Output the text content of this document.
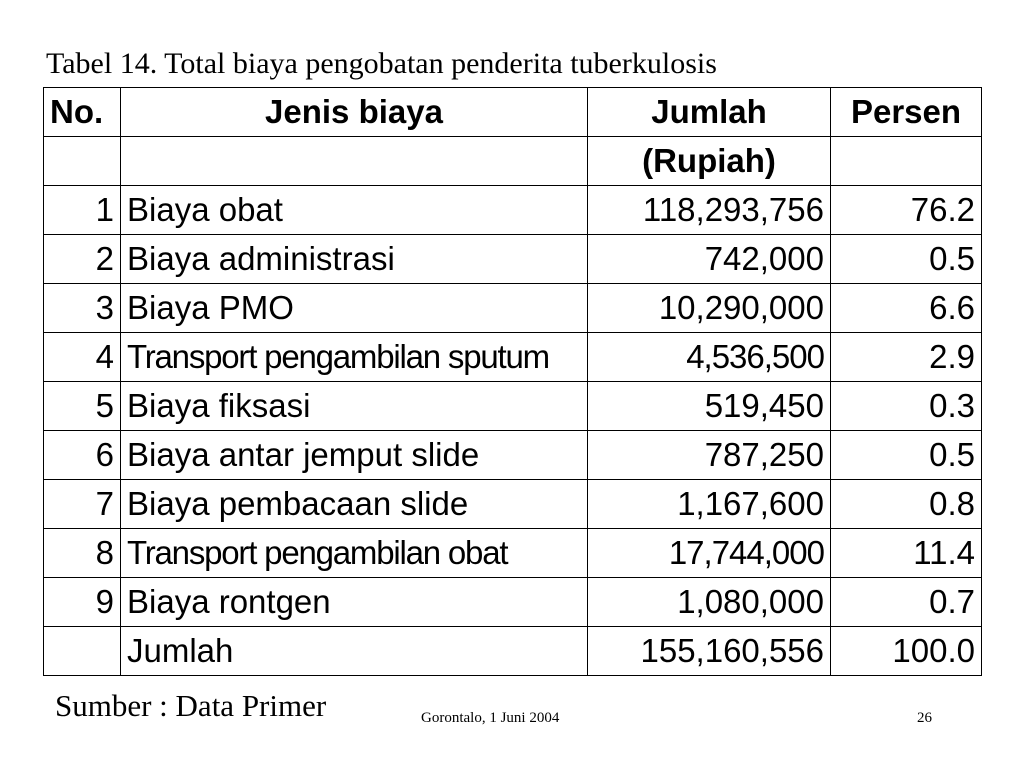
Tabel 14. Total biaya pengobatan penderita tuberkulosis
No.	Jenis biaya	Jumlah	Persen
		(Rupiah)	
1	Biaya obat	118,293,756	76.2
2	Biaya administrasi	742,000	0.5
3	Biaya PMO	10,290,000	6.6
4	Transport pengambilan sputum	4,536,500	2.9
5	Biaya fiksasi	519,450	0.3
6	Biaya antar jemput slide	787,250	0.5
7	Biaya pembacaan slide	1,167,600	0.8
8	Transport pengambilan obat	17,744,000	11.4
9	Biaya rontgen	1,080,000	0.7
	Jumlah	155,160,556	100.0
Sumber : Data Primer	Gorontalo, 1 Juni 2004	26
